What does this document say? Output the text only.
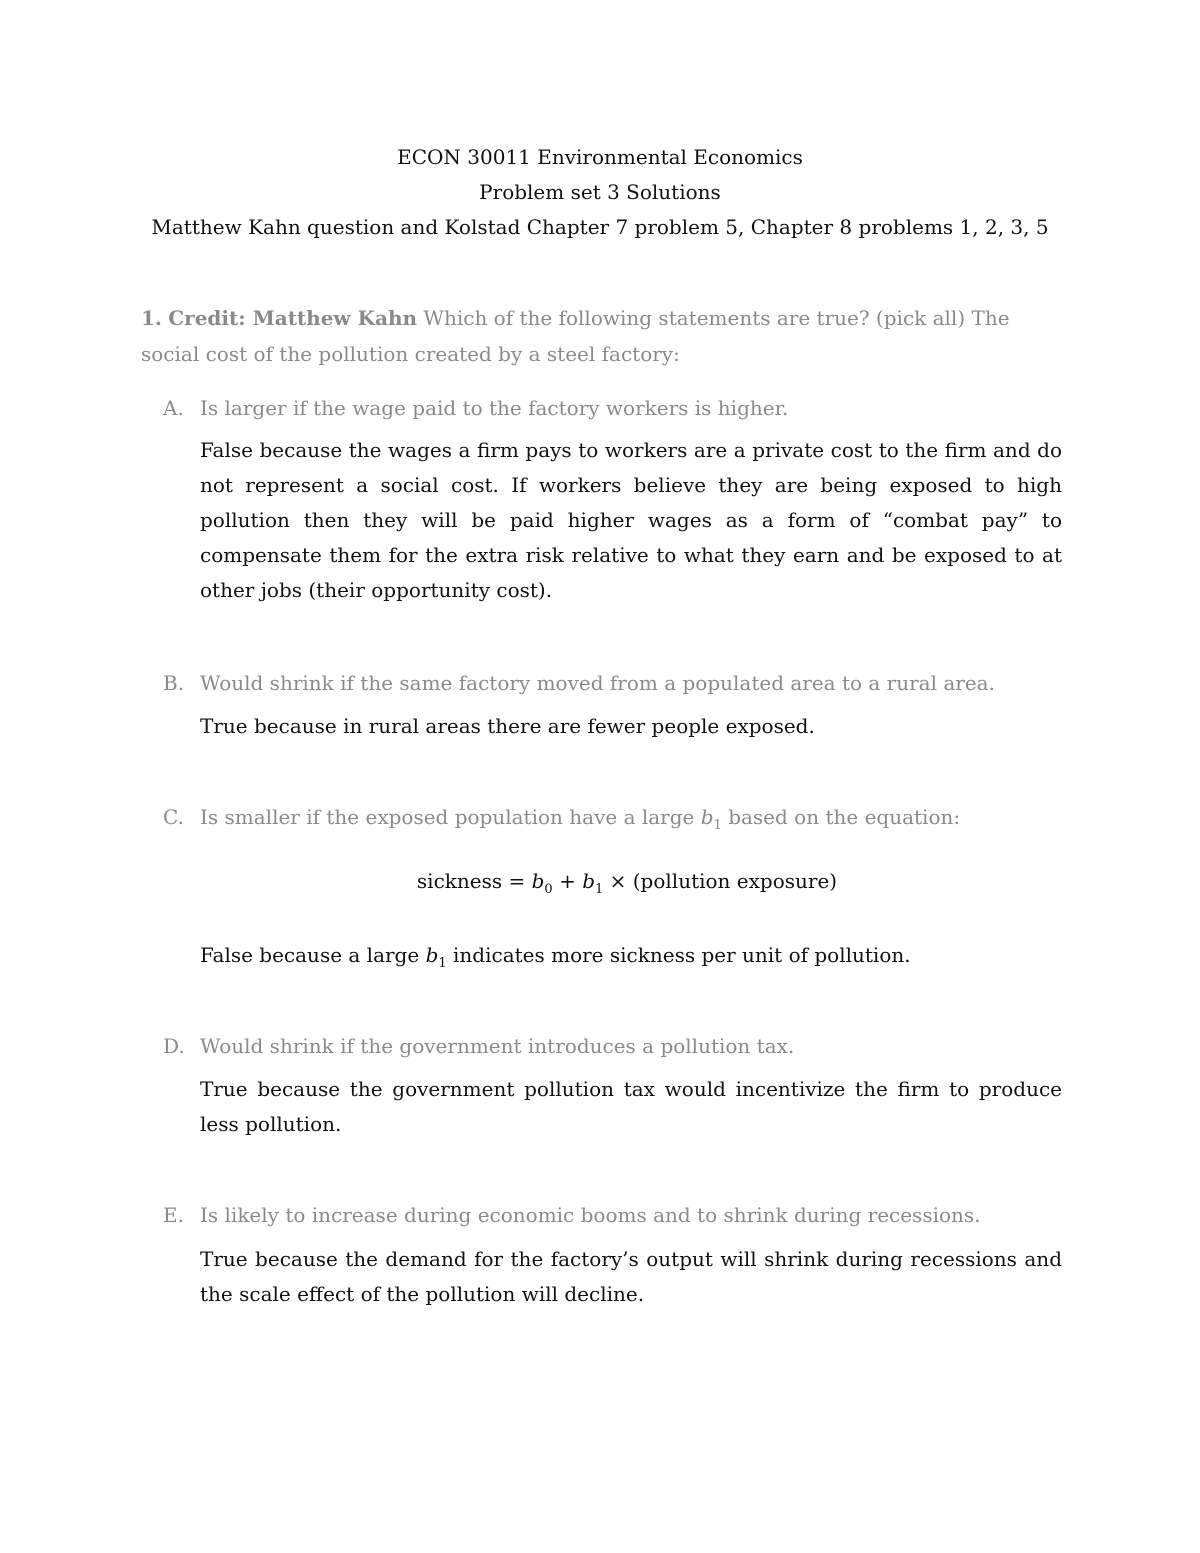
ECON 30011 Environmental Economics
Problem set 3 Solutions
Matthew Kahn question and Kolstad Chapter 7 problem 5, Chapter 8 problems 1, 2, 3, 5
1. Credit: Matthew Kahn Which of the following statements are true? (pick all) The social cost of the pollution created by a steel factory:
A. Is larger if the wage paid to the factory workers is higher.
False because the wages a firm pays to workers are a private cost to the firm and do not represent a social cost. If workers believe they are being exposed to high pollution then they will be paid higher wages as a form of “combat pay” to compensate them for the extra risk relative to what they earn and be exposed to at other jobs (their opportunity cost).
B. Would shrink if the same factory moved from a populated area to a rural area.
True because in rural areas there are fewer people exposed.
C. Is smaller if the exposed population have a large $b_1$ based on the equation:
sickness = $b_0 + b_1$ × (pollution exposure)
False because a large $b_1$ indicates more sickness per unit of pollution.
D. Would shrink if the government introduces a pollution tax.
True because the government pollution tax would incentivize the firm to produce less pollution.
E. Is likely to increase during economic booms and to shrink during recessions.
True because the demand for the factory’s output will shrink during recessions and the scale effect of the pollution will decline.
